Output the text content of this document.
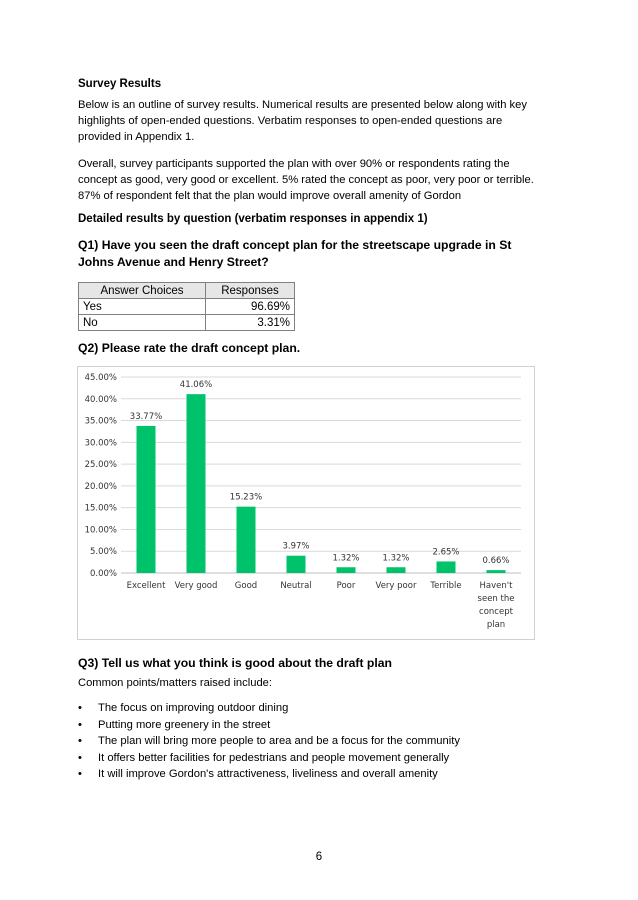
Survey Results
Below is an outline of survey results. Numerical results are presented below along with key highlights of open-ended questions. Verbatim responses to open-ended questions are provided in Appendix 1.
Overall, survey participants supported the plan with over 90% or respondents rating the concept as good, very good or excellent. 5% rated the concept as poor, very poor or terrible. 87% of respondent felt that the plan would improve overall amenity of Gordon
Detailed results by question (verbatim responses in appendix 1)
Q1) Have you seen the draft concept plan for the streetscape upgrade in St Johns Avenue and Henry Street?
Answer Choices	Responses
Yes	96.69%
No	3.31%
Q2) Please rate the draft concept plan.
0.00%
5.00%
10.00%
15.00%
20.00%
25.00%
30.00%
35.00%
40.00%
45.00%
33.77%
Excellent
41.06%
Very good
15.23%
Good
3.97%
Neutral
1.32%
Poor
1.32%
Very poor
2.65%
Terrible
0.66%
Haven't seen the concept plan
Q3) Tell us what you think is good about the draft plan
Common points/matters raised include:
• The focus on improving outdoor dining
• Putting more greenery in the street
• The plan will bring more people to area and be a focus for the community
• It offers better facilities for pedestrians and people movement generally
• It will improve Gordon's attractiveness, liveliness and overall amenity
6
